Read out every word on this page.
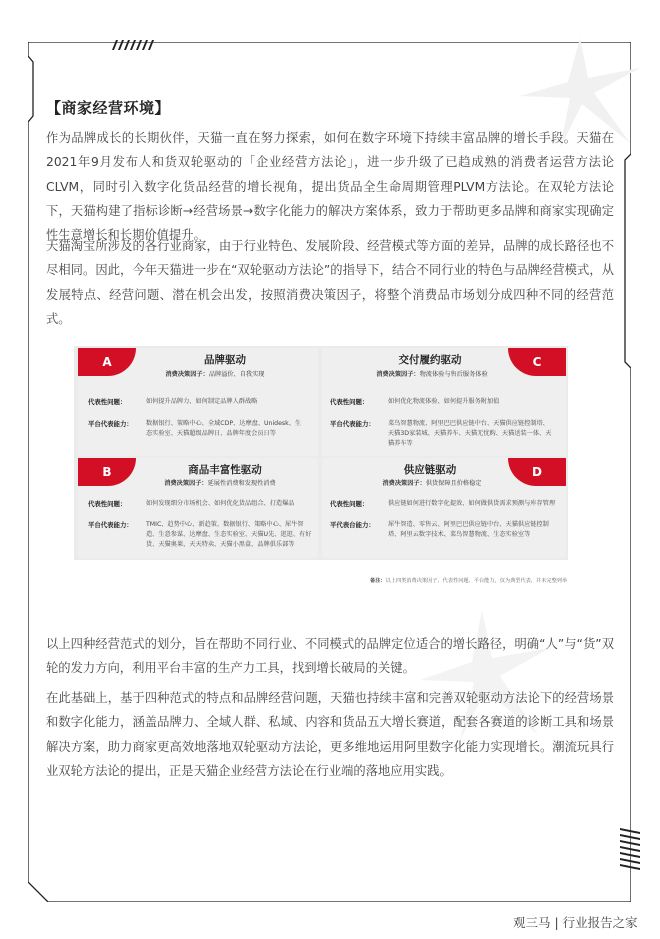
【商家经营环境】

作为品牌成长的长期伙伴，天猫一直在努力探索，如何在数字环境下持续丰富品牌的增长手段。天猫在2021年9月发布人和货双轮驱动的「企业经营方法论」，进一步升级了已趋成熟的消费者运营方法论CLVM，同时引入数字化货品经营的增长视角，提出货品全生命周期管理PLVM方法论。在双轮方法论下，天猫构建了指标诊断→经营场景→数字化能力的解决方案体系，致力于帮助更多品牌和商家实现确定性生意增长和长期价值提升。

天猫淘宝所涉及的各行业商家，由于行业特色、发展阶段、经营模式等方面的差异，品牌的成长路径也不尽相同。因此，今年天猫进一步在“双轮驱动方法论”的指导下，结合不同行业的特色与品牌经营模式，从发展特点、经营问题、潜在机会出发，按照消费决策因子，将整个消费品市场划分成四种不同的经营范式。

A
B
C
D
品牌驱动
消费决策因子：品牌溢价、自我实现
代表性问题：	如何提升品牌力、如何制定品牌人群战略
平台代表能力：	数据银行、策略中心、全域CDP、达摩盘、Unidesk、生态实验室、天猫超级品牌日、品牌年度会员日等
商品丰富性驱动
消费决策因子：延展性消费和发现性消费
代表性问题：	如何发现细分市场机会、如何优化货品组合、打造爆品
平台代表能力： TMIC、趋势中心、新趋策、数据银行、策略中心、犀牛智造、生意参谋、达摩盘、生态实验室、天猫U先、逛逛、有好货、天猫奥莱、天天特卖、天猫小黑盒、品牌俱乐部等
交付履约驱动
消费决策因子：物流体验与售后服务体验
代表性问题：	如何优化物流体验、如何提升服务附加值
平台代表能力： 菜鸟智慧物流、阿里巴巴供应链中台、天猫供应链控制塔、天猫3D家装城、天猫养车、天猫无忧购、天猫送装一体、天猫养车等
供应链驱动
消费决策因子：供货保障且价格稳定
代表性问题：	供应链如何进行数字化提效、如何做供货需求预测与库存管理
平代表台能力：	犀牛智造、零售云、阿里巴巴供应链中台、天猫供应链控制塔、阿里云数字技术、菜鸟智慧物流、生态实验室等
备注：以上四类消费决策因子、代表性问题、平台能力，仅为典型代表，并未完整列举

以上四种经营范式的划分，旨在帮助不同行业、不同模式的品牌定位适合的增长路径，明确“人”与“货”双轮的发力方向，利用平台丰富的生产力工具，找到增长破局的关键。

在此基础上，基于四种范式的特点和品牌经营问题，天猫也持续丰富和完善双轮驱动方法论下的经营场景和数字化能力，涵盖品牌力、全域人群、私域、内容和货品五大增长赛道，配套各赛道的诊断工具和场景解决方案，助力商家更高效地落地双轮驱动方法论，更多维地运用阿里数字化能力实现增长。潮流玩具行业双轮方法论的提出，正是天猫企业经营方法论在行业端的落地应用实践。

观三马 | 行业报告之家
